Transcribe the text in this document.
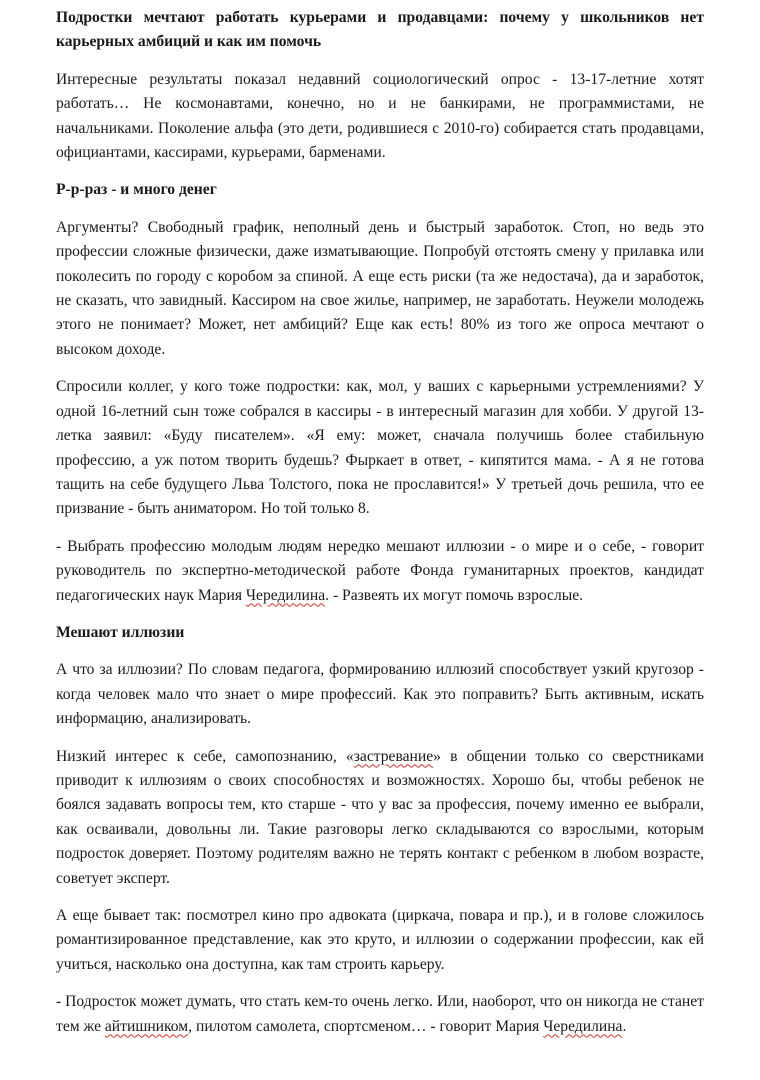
Подростки мечтают работать курьерами и продавцами: почему у школьников нет карьерных амбиций и как им помочь

Интересные результаты показал недавний социологический опрос - 13-17-летние хотят работать… Не космонавтами, конечно, но и не банкирами, не программистами, не начальниками. Поколение альфа (это дети, родившиеся с 2010-го) собирается стать продавцами, официантами, кассирами, курьерами, барменами.

Р-р-раз - и много денег

Аргументы? Свободный график, неполный день и быстрый заработок. Стоп, но ведь это профессии сложные физически, даже изматывающие. Попробуй отстоять смену у прилавка или поколесить по городу с коробом за спиной. А еще есть риски (та же недостача), да и заработок, не сказать, что завидный. Кассиром на свое жилье, например, не заработать. Неужели молодежь этого не понимает? Может, нет амбиций? Еще как есть! 80% из того же опроса мечтают о высоком доходе.

Спросили коллег, у кого тоже подростки: как, мол, у ваших с карьерными устремлениями? У одной 16-летний сын тоже собрался в кассиры - в интересный магазин для хобби. У другой 13-летка заявил: «Буду писателем». «Я ему: может, сначала получишь более стабильную профессию, а уж потом творить будешь? Фыркает в ответ, - кипятится мама. - А я не готова тащить на себе будущего Льва Толстого, пока не прославится!» У третьей дочь решила, что ее призвание - быть аниматором. Но той только 8.

- Выбрать профессию молодым людям нередко мешают иллюзии - о мире и о себе, - говорит руководитель по экспертно-методической работе Фонда гуманитарных проектов, кандидат педагогических наук Мария Чередилина. - Развеять их могут помочь взрослые.

Мешают иллюзии

А что за иллюзии? По словам педагога, формированию иллюзий способствует узкий кругозор - когда человек мало что знает о мире профессий. Как это поправить? Быть активным, искать информацию, анализировать.

Низкий интерес к себе, самопознанию, «застревание» в общении только со сверстниками приводит к иллюзиям о своих способностях и возможностях. Хорошо бы, чтобы ребенок не боялся задавать вопросы тем, кто старше - что у вас за профессия, почему именно ее выбрали, как осваивали, довольны ли. Такие разговоры легко складываются со взрослыми, которым подросток доверяет. Поэтому родителям важно не терять контакт с ребенком в любом возрасте, советует эксперт.

А еще бывает так: посмотрел кино про адвоката (циркача, повара и пр.), и в голове сложилось романтизированное представление, как это круто, и иллюзии о содержании профессии, как ей учиться, насколько она доступна, как там строить карьеру.

- Подросток может думать, что стать кем-то очень легко. Или, наоборот, что он никогда не станет тем же айтишником, пилотом самолета, спортсменом… - говорит Мария Чередилина.
